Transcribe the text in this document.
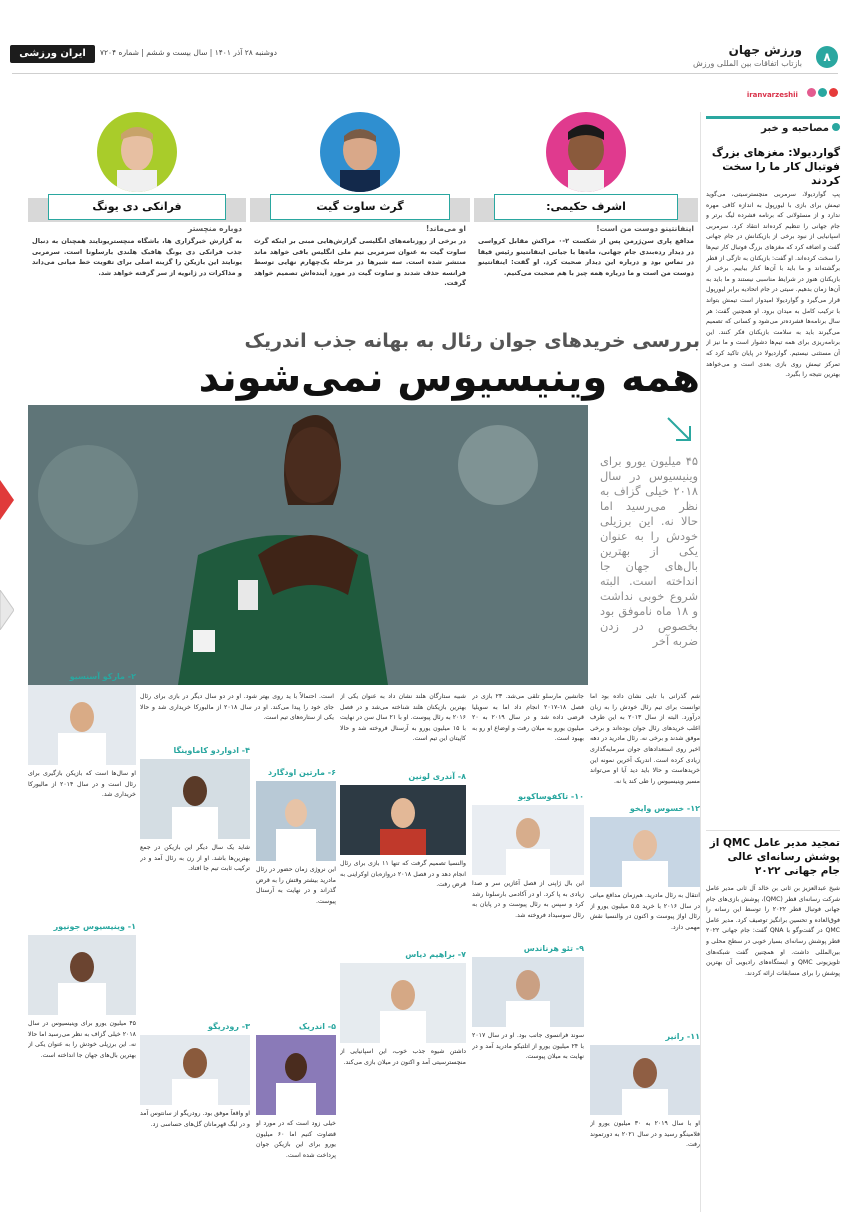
۸
ورزش جهان
بازتاب اتفاقات بین المللی ورزش
ایران ورزشی	دوشنبه ۲۸ آذر ۱۴۰۱ | سال بیست و ششم | شماره ۷۲۰۴
iranvarzeshii
مصاحبه و خبر
گواردیولا: مغزهای بزرگ فوتبال کار ما را سخت کردند
پپ گواردیولا، سرمربی منچسترسیتی، می‌گوید تیمش برای بازی با لیورپول به اندازه کافی مهره ندارد و از مسئولانی که برنامه فشرده لیگ برتر و جام جهانی را تنظیم کرده‌اند انتقاد کرد. سرمربی اسپانیایی از نبود برخی از بازیکنانش در جام جهانی گفت و اضافه کرد که مغزهای بزرگ فوتبال کار تیم‌ها را سخت کرده‌اند. او گفت: بازیکنان به تازگی از قطر برگشته‌اند و ما باید با آن‌ها کنار بیاییم. برخی از بازیکنان هنوز در شرایط مناسبی نیستند و ما باید به آن‌ها زمان بدهیم. سیتی در جام اتحادیه برابر لیورپول قرار می‌گیرد و گواردیولا امیدوار است تیمش بتواند با ترکیب کامل به میدان برود. او همچنین گفت: هر سال برنامه‌ها فشرده‌تر می‌شود و کسانی که تصمیم می‌گیرند باید به سلامت بازیکنان فکر کنند. این برنامه‌ریزی برای همه تیم‌ها دشوار است و ما نیز از آن مستثنی نیستیم. گواردیولا در پایان تاکید کرد که تمرکز تیمش روی بازی بعدی است و می‌خواهد بهترین نتیجه را بگیرد.
تمجید مدیر عامل QMC از پوشش رسانه‌ای عالی جام جهانی ۲۰۲۲
شیخ عبدالعزیز بن ثانی بن خالد آل ثانی مدیر عامل شرکت رسانه‌ای قطر (QMC)، پوشش بازی‌های جام جهانی فوتبال قطر ۲۰۲۲ را توسط این رسانه را فوق‌العاده و تحسین برانگیز توصیف کرد. مدیر عامل QMC در گفت‌وگو با QNA گفت: جام جهانی ۲۰۲۲ قطر پوشش رسانه‌ای بسیار خوبی در سطح محلی و بین‌المللی داشت. او همچنین گفت شبکه‌های تلویزیونی QMC و ایستگاه‌های رادیویی آن بهترین پوشش را برای مسابقات ارائه کردند.
اشرف حکیمی:
اینفانتینو دوست من است!
مدافع پاری سن‌ژرمن پس از شکست ۲-۰ مراکش مقابل کرواسی در دیدار رده‌بندی جام جهانی، ماه‌ها با جیانی اینفانتینو رئیس فیفا در تماس بود و درباره این دیدار صحبت کرد. او گفت: اینفانتینو دوست من است و ما درباره همه چیز با هم صحبت می‌کنیم.
گرث ساوت گیت
او می‌ماند!
در برخی از روزنامه‌های انگلیسی گزارش‌هایی مبنی بر اینکه گرث ساوت گیت به عنوان سرمربی تیم ملی انگلیس باقی خواهد ماند منتشر شده است. سه شیرها در مرحله یک‌چهارم نهایی توسط فرانسه حذف شدند و ساوت گیت در مورد آینده‌اش تصمیم خواهد گرفت.
فرانکی دی یونگ
دوباره منچستر
به گزارش خبرگزاری ها، باشگاه منچستریونایتد همچنان به دنبال جذب فرانکی دی یونگ هافبک هلندی بارسلونا است. سرمربی یونایتد این بازیکن را گزینه اصلی برای تقویت خط میانی می‌داند و مذاکرات در ژانویه از سر گرفته خواهد شد.
بررسی خریدهای جوان رئال به بهانه جذب اندریک
همه وینیسیوس نمی‌شوند
۴۵ میلیون یورو برای وینیسیوس در سال ۲۰۱۸ خیلی گزاف به نظر می‌رسید اما حالا نه. این برزیلی خودش را به عنوان یکی از بهترین بال‌های جهان جا انداخته است. البته شروع خوبی نداشت و ۱۸ ماه ناموفق بود بخصوص در زدن ضربه آخر
شم گذرانی با تایی نشان داده بود اما توانست برای تیم رئال خودش را به زبان درآورد. البته از سال ۲۰۱۳ به این طرف اغلب خریدهای رئال جوان بوده‌اند و برخی موفق شدند و برخی نه. رئال مادرید در دهه اخیر روی استعدادهای جوان سرمایه‌گذاری زیادی کرده است. اندریک آخرین نمونه این خریدهاست و حالا باید دید آیا او می‌تواند مسیر وینیسیوس را طی کند یا نه.
جانشین مارسلو تلقی می‌شد. ۲۳ بازی در فصل ۱۸-۲۰۱۷ انجام داد اما به سویلیا قرضی داده شد و در سال ۲۰۱۹ به ۲۰ میلیون یورو به میلان رفت و اوضاع او رو به بهبود است.
شبیه ستارگان هلند نشان داد به عنوان یکی از بهترین بازیکنان هلند شناخته می‌شد و در فصل ۲۰۱۶ به رئال پیوست. او با ۲۱ سال سن در نهایت با ۱۵ میلیون یورو به آرسنال فروخته شد و حالا کاپیتان این تیم است.
است. احتمالاً با ید روی بهتر شود. او در دو سال دیگر در بازی برای رئال جای خود را پیدا می‌کند. او در سال ۲۰۱۸ از مالیورکا خریداری شد و حالا یکی از ستاره‌های تیم است.
۱۰- تاکفوساکوبو
این بال ژاپنی از فصل آغازین سر و صدا زیادی به پا کرد. او در آکادمی بارسلونا رشد کرد و سپس به رئال پیوست و در پایان به رئال سوسیداد فروخته شد.
۱۲- خسوس وایخو
انتقال به رئال مادرید. هم‌زمان مدافع میانی در سال ۲۰۱۶ با خرید ۵.۵ میلیون یورو از رئال اواژ پیوست و اکنون در والنسیا نقش مهمی دارد.
۸- آندری لونین
والنسیا تصمیم گرفت که تنها ۱۱ بازی برای رئال انجام دهد و در فصل ۲۰۱۸ دروازه‌بان اوکراینی به قرض رفت.
۶- مارتین اودگارد
این نروژی زمان حضور در رئال مادرید بیشتر وقتش را به قرض گذراند و در نهایت به آرسنال پیوست.
۴- ادواردو کاماوینگا
شاید یک سال دیگر این بازیکن در جمع بهترین‌ها باشد. او از رن به رئال آمد و در ترکیب ثابت تیم جا افتاد.
۲- مارکو آسنسیو
او سال‌ها است که بازیکن بازگیری برای رئال است و در سال ۲۰۱۴ از مالیورکا خریداری شد.
۹- تئو هرناندس
سوند فرانسوی جانب بود. او در سال ۲۰۱۷ با ۲۴ میلیون یورو از اتلتیکو مادرید آمد و در نهایت به میلان پیوست.
۱۱- رانیر
او با سال ۲۰۱۹ به ۳۰ میلیون یورو از فلامینگو رسید و در سال ۲۰۲۱ به دورتموند رفت.
۷- براهیم دیاس
داشتن شیوه جذب خوب، این اسپانیایی از منچسترسیتی آمد و اکنون در میلان بازی می‌کند.
۵- اندریک
خیلی زود است که در مورد او قضاوت کنیم اما ۶۰ میلیون یورو برای این بازیکن جوان پرداخت شده است.
۳- رودریگو
او واقعاً موفق بود. رودریگو از سانتوس آمد و در لیگ قهرمانان گل‌های حساسی زد.
۱- وینیسیوس جونیور
۴۵ میلیون یورو برای وینیسیوس در سال ۲۰۱۸ خیلی گزاف به نظر می‌رسید اما حالا نه. این برزیلی خودش را به عنوان یکی از بهترین بال‌های جهان جا انداخته است.
